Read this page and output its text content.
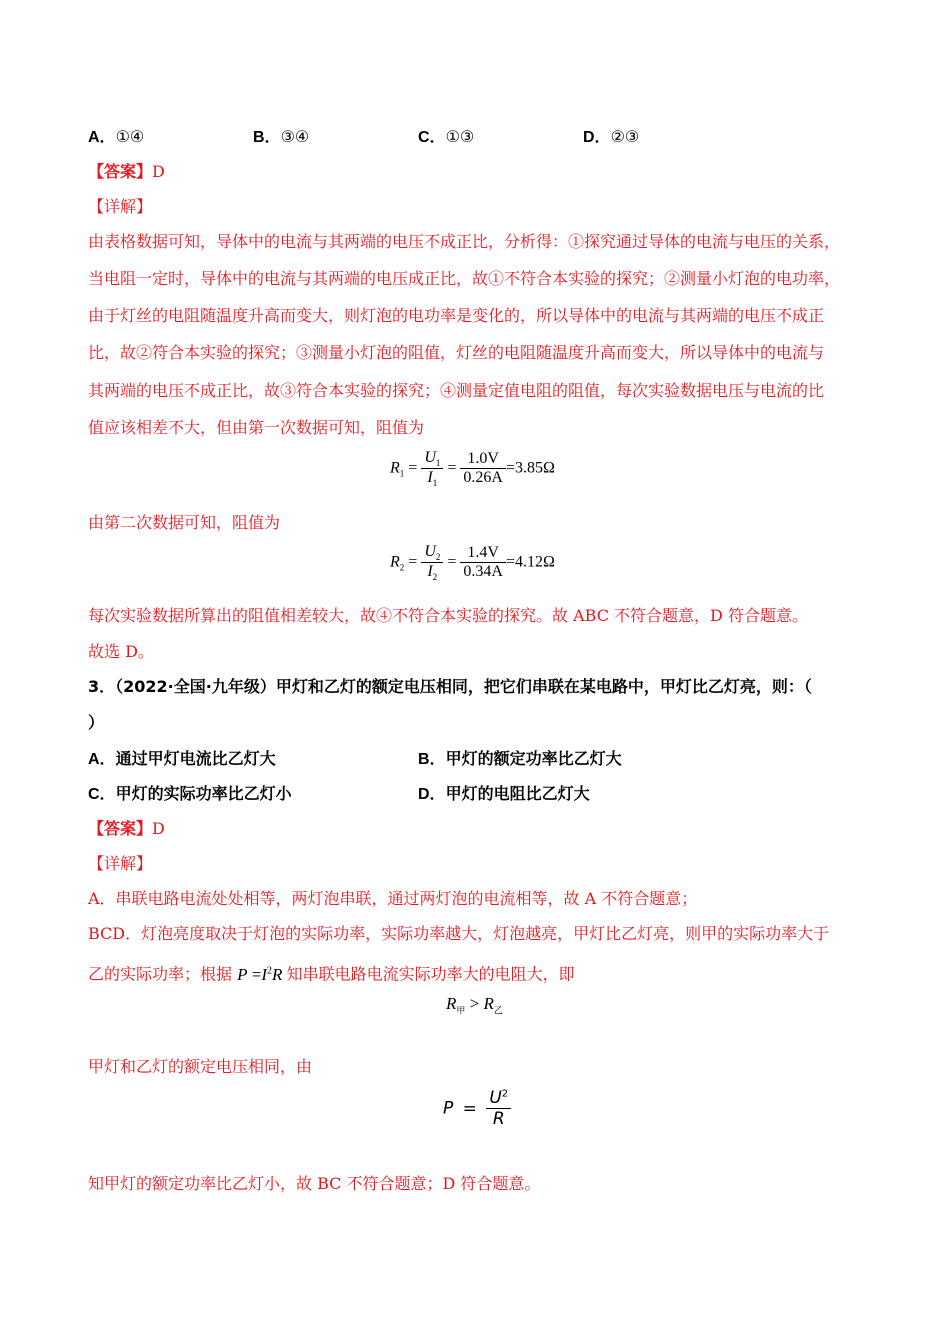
A．①④	B．③④	C．①③	D．②③
【答案】D
【详解】
由表格数据可知，导体中的电流与其两端的电压不成正比，分析得：①探究通过导体的电流与电压的关系，
当电阻一定时，导体中的电流与其两端的电压成正比，故①不符合本实验的探究；②测量小灯泡的电功率，
由于灯丝的电阻随温度升高而变大，则灯泡的电功率是变化的，所以导体中的电流与其两端的电压不成正
比，故②符合本实验的探究；③测量小灯泡的阻值，灯丝的电阻随温度升高而变大，所以导体中的电流与
其两端的电压不成正比，故③符合本实验的探究；④测量定值电阻的阻值，每次实验数据电压与电流的比
值应该相差不大，但由第一次数据可知，阻值为
$R_1 = \frac{U_1}{I_1} = \frac{1.0V}{0.26A} =3.85\Omega$
由第二次数据可知，阻值为
$R_2 = \frac{U_2}{I_2} = \frac{1.4V}{0.34A} =4.12\Omega$
每次实验数据所算出的阻值相差较大，故④不符合本实验的探究。故 ABC 不符合题意，D 符合题意。
故选 D。
3．（2022·全国·九年级）甲灯和乙灯的额定电压相同，把它们串联在某电路中，甲灯比乙灯亮，则：（
）
A．通过甲灯电流比乙灯大	B．甲灯的额定功率比乙灯大
C．甲灯的实际功率比乙灯小	D．甲灯的电阻比乙灯大
【答案】D
【详解】
A．串联电路电流处处相等，两灯泡串联，通过两灯泡的电流相等，故 A 不符合题意；
BCD．灯泡亮度取决于灯泡的实际功率，实际功率越大，灯泡越亮，甲灯比乙灯亮，则甲的实际功率大于
乙的实际功率；根据 $P =I^2R$ 知串联电路电流实际功率大的电阻大，即
$R_甲 > R_乙$
甲灯和乙灯的额定电压相同，由
$P = \frac{U^2}{R}$
知甲灯的额定功率比乙灯小，故 BC 不符合题意；D 符合题意。
